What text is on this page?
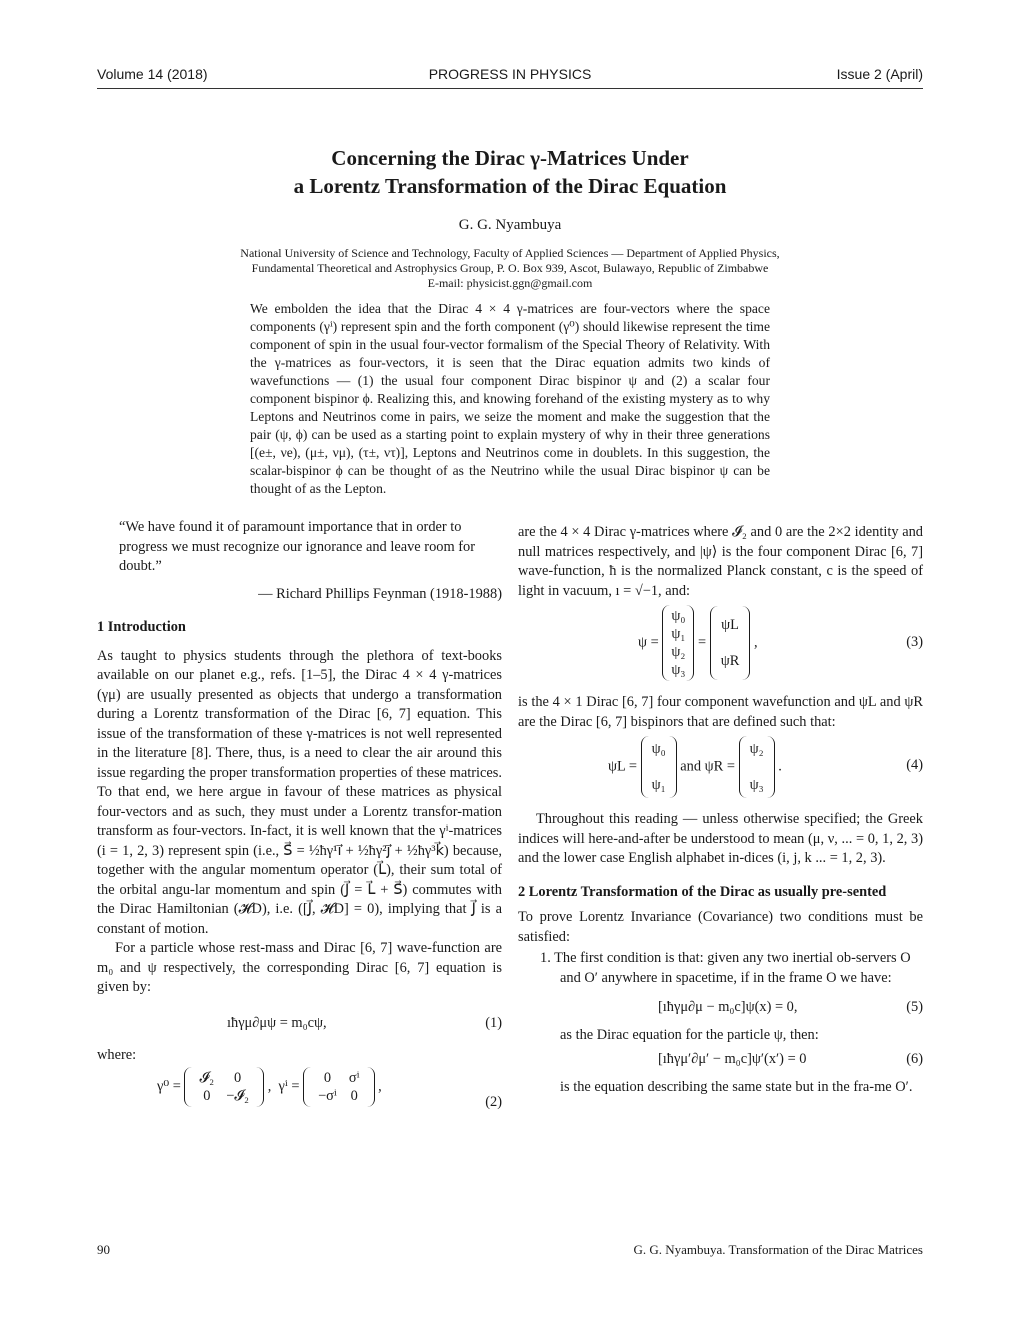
Volume 14 (2018)	PROGRESS IN PHYSICS	Issue 2 (April)
Concerning the Dirac γ-Matrices Under
a Lorentz Transformation of the Dirac Equation
G. G. Nyambuya
National University of Science and Technology, Faculty of Applied Sciences — Department of Applied Physics,
Fundamental Theoretical and Astrophysics Group, P. O. Box 939, Ascot, Bulawayo, Republic of Zimbabwe
E-mail: physicist.ggn@gmail.com
We embolden the idea that the Dirac 4 × 4 γ-matrices are four-vectors where the space components (γⁱ) represent spin and the forth component (γ⁰) should likewise represent the time component of spin in the usual four-vector formalism of the Special Theory of Relativity. With the γ-matrices as four-vectors, it is seen that the Dirac equation admits two kinds of wavefunctions — (1) the usual four component Dirac bispinor ψ and (2) a scalar four component bispinor ϕ. Realizing this, and knowing forehand of the existing mystery as to why Leptons and Neutrinos come in pairs, we seize the moment and make the suggestion that the pair (ψ, ϕ) can be used as a starting point to explain mystery of why in their three generations [(e±, νe), (μ±, νμ), (τ±, ντ)], Leptons and Neutrinos come in doublets. In this suggestion, the scalar-bispinor ϕ can be thought of as the Neutrino while the usual Dirac bispinor ψ can be thought of as the Lepton.

“We have found it of paramount importance that in order to progress we must recognize our ignorance and leave room for doubt.”

— Richard Phillips Feynman (1918-1988)

1 Introduction

As taught to physics students through the plethora of text-books available on our planet e.g., refs. [1–5], the Dirac 4 × 4 γ-matrices (γμ) are usually presented as objects that undergo a transformation during a Lorentz transformation of the Dirac [6, 7] equation. This issue of the transformation of these γ-matrices is not well represented in the literature [8]. There, thus, is a need to clear the air around this issue regarding the proper transformation properties of these matrices. To that end, we here argue in favour of these matrices as physical four-vectors and as such, they must under a Lorentz transfor-mation transform as four-vectors. In-fact, it is well known that the γⁱ-matrices (i = 1, 2, 3) represent spin (i.e., S⃗ = ½ħγ¹i⃗ + ½ħγ²j⃗ + ½ħγ³k⃗) because, together with the angular momentum operator (L⃗), their sum total of the orbital angu-lar momentum and spin (J⃗ = L⃗ + S⃗) commutes with the Dirac Hamiltonian (𝓗D), i.e. ([J⃗, 𝓗D] = 0), implying that J⃗ is a constant of motion.

For a particle whose rest-mass and Dirac [6, 7] wave-function are m₀ and ψ respectively, the corresponding Dirac [6, 7] equation is given by:

ıħγμ∂μψ = m₀cψ,	(1)

where:

γ⁰ =
𝓘₂	0
0	−𝓘₂
,  γⁱ =
0	σⁱ
−σⁱ	0
,
(2)

are the 4 × 4 Dirac γ-matrices where 𝓘₂ and 0 are the 2×2 identity and null matrices respectively, and |ψ⟩ is the four component Dirac [6, 7] wave-function, ħ is the normalized Planck constant, c is the speed of light in vacuum, ı = √−1, and:

ψ = ψ₀
ψ₁
ψ₂
ψ₃ = ψL

ψR ,	(3)

is the 4 × 1 Dirac [6, 7] four component wavefunction and ψL and ψR are the Dirac [6, 7] bispinors that are defined such that:

ψL = ψ₀

ψ₁ and ψR = ψ₂

ψ₃ .	(4)

Throughout this reading — unless otherwise specified; the Greek indices will here-and-after be understood to mean (μ, ν, ... = 0, 1, 2, 3) and the lower case English alphabet in-dices (i, j, k ... = 1, 2, 3).

2 Lorentz Transformation of the Dirac as usually pre-sented

To prove Lorentz Invariance (Covariance) two conditions must be satisfied:

1. The first condition is that: given any two inertial ob-servers O and O′ anywhere in spacetime, if in the frame O we have:

[ıħγμ∂μ − m₀c]ψ(x) = 0,	(5)

as the Dirac equation for the particle ψ, then:

[ıħγμ′∂μ′ − m₀c]ψ′(x′) = 0	(6)

is the equation describing the same state but in the fra-me O′.

90	G. G. Nyambuya. Transformation of the Dirac Matrices
